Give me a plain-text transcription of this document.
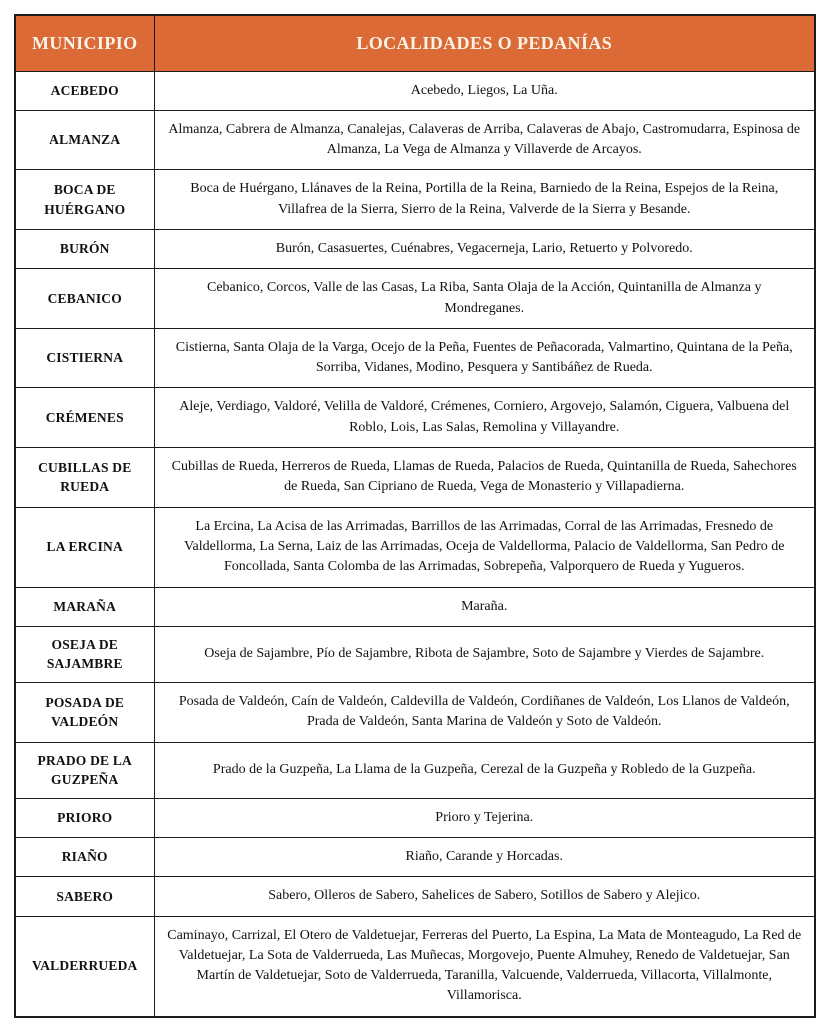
MUNICIPIO	LOCALIDADES O PEDANÍAS
ACEBEDO	Acebedo, Liegos, La Uña.
ALMANZA	Almanza, Cabrera de Almanza, Canalejas, Calaveras de Arriba, Calaveras de Abajo, Castromudarra, Espinosa de Almanza, La Vega de Almanza y Villaverde de Arcayos.
BOCA DE HUÉRGANO	Boca de Huérgano, Llánaves de la Reina, Portilla de la Reina, Barniedo de la Reina, Espejos de la Reina, Villafrea de la Sierra, Sierro de la Reina, Valverde de la Sierra y Besande.
BURÓN	Burón, Casasuertes, Cuénabres, Vegacerneja, Lario, Retuerto y Polvoredo.
CEBANICO	Cebanico, Corcos, Valle de las Casas, La Riba, Santa Olaja de la Acción, Quintanilla de Almanza y Mondreganes.
CISTIERNA	Cistierna, Santa Olaja de la Varga, Ocejo de la Peña, Fuentes de Peñacorada, Valmartino, Quintana de la Peña, Sorriba, Vidanes, Modino, Pesquera y Santibáñez de Rueda.
CRÉMENES	Aleje, Verdiago, Valdoré, Velilla de Valdoré, Crémenes, Corniero, Argovejo, Salamón, Ciguera, Valbuena del Roblo, Lois, Las Salas, Remolina y Villayandre.
CUBILLAS DE RUEDA	Cubillas de Rueda, Herreros de Rueda, Llamas de Rueda, Palacios de Rueda, Quintanilla de Rueda, Sahechores de Rueda, San Cipriano de Rueda, Vega de Monasterio y Villapadierna.
LA ERCINA	La Ercina, La Acisa de las Arrimadas, Barrillos de las Arrimadas, Corral de las Arrimadas, Fresnedo de Valdellorma, La Serna, Laiz de las Arrimadas, Oceja de Valdellorma, Palacio de Valdellorma, San Pedro de Foncollada, Santa Colomba de las Arrimadas, Sobrepeña, Valporquero de Rueda y Yugueros.
MARAÑA	Maraña.
OSEJA DE SAJAMBRE	Oseja de Sajambre, Pío de Sajambre, Ribota de Sajambre, Soto de Sajambre y Vierdes de Sajambre.
POSADA DE VALDEÓN	Posada de Valdeón, Caín de Valdeón, Caldevilla de Valdeón, Cordiñanes de Valdeón, Los Llanos de Valdeón, Prada de Valdeón, Santa Marina de Valdeón y Soto de Valdeón.
PRADO DE LA GUZPEÑA	Prado de la Guzpeña, La Llama de la Guzpeña, Cerezal de la Guzpeña y Robledo de la Guzpeña.
PRIORO	Prioro y Tejerina.
RIAÑO	Riaño, Carande y Horcadas.
SABERO	Sabero, Olleros de Sabero, Sahelices de Sabero, Sotillos de Sabero y Alejico.
VALDERRUEDA	Caminayo, Carrizal, El Otero de Valdetuejar, Ferreras del Puerto, La Espina, La Mata de Monteagudo, La Red de Valdetuejar, La Sota de Valderrueda, Las Muñecas, Morgovejo, Puente Almuhey, Renedo de Valdetuejar, San Martín de Valdetuejar, Soto de Valderrueda, Taranilla, Valcuende, Valderrueda, Villacorta, Villalmonte, Villamorisca.
